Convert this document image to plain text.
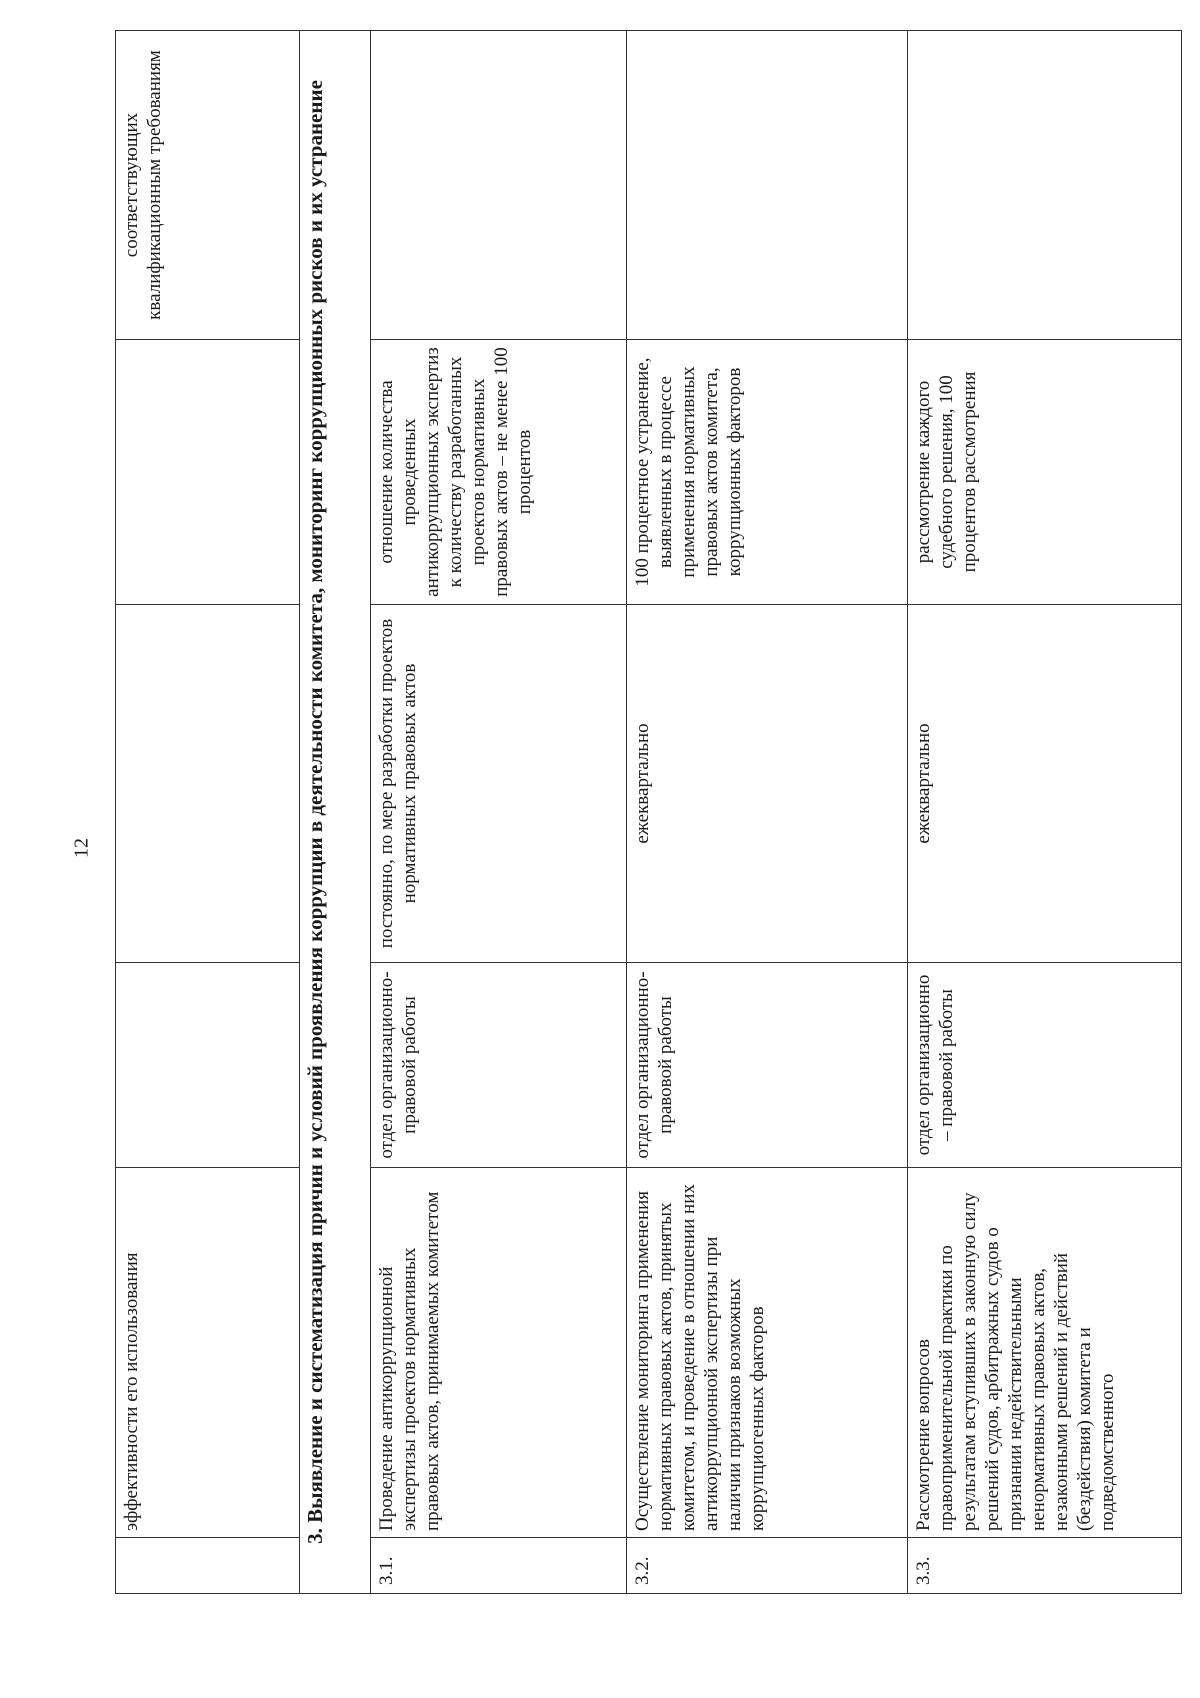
12
	эффективности его использования				соответствующих квалификационным требованиям
3. Выявление и систематизация причин и условий проявления коррупции в деятельности комитета, мониторинг коррупционных рисков и их устранение					
3.1.	Проведение антикоррупционной экспертизы проектов нормативных правовых актов, принимаемых комитетом	отдел организационно-правовой работы	постоянно, по мере разработки проектов нормативных правовых актов	отношение количества проведенных антикоррупционных экспертиз к количеству разработанных проектов нормативных правовых актов – не менее 100 процентов	
3.2.	Осуществление мониторинга применения нормативных правовых актов, принятых комитетом, и проведение в отношении них антикоррупционной экспертизы при наличии признаков возможных коррупциогенных факторов	отдел организационно-правовой работы	ежеквартально	100 процентное устранение, выявленных в процессе применения нормативных правовых актов комитета, коррупционных факторов	
3.3.	Рассмотрение вопросов правоприменительной практики по результатам вступивших в законную силу решений судов, арбитражных судов о признании недействительными ненормативных правовых актов, незаконными решений и действий (бездействия) комитета и подведомственного	отдел организационно – правовой работы	ежеквартально	рассмотрение каждого судебного решения, 100 процентов рассмотрения	
